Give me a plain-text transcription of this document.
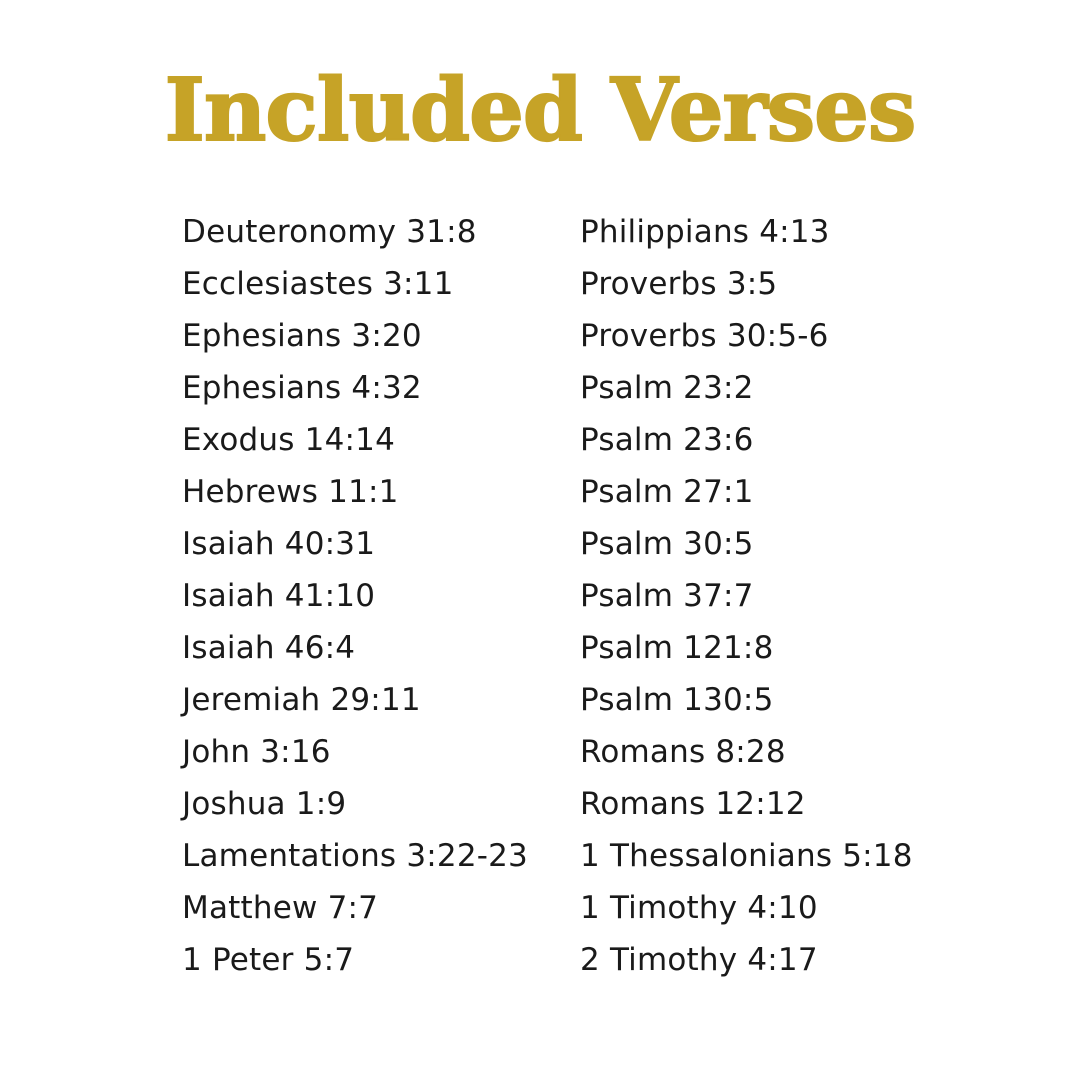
Included Verses
Deuteronomy 31:8
Ecclesiastes 3:11
Ephesians 3:20
Ephesians 4:32
Exodus 14:14
Hebrews 11:1
Isaiah 40:31
Isaiah 41:10
Isaiah 46:4
Jeremiah 29:11
John 3:16
Joshua 1:9
Lamentations 3:22-23
Matthew 7:7
1 Peter 5:7
Philippians 4:13
Proverbs 3:5
Proverbs 30:5-6
Psalm 23:2
Psalm 23:6
Psalm 27:1
Psalm 30:5
Psalm 37:7
Psalm 121:8
Psalm 130:5
Romans 8:28
Romans 12:12
1 Thessalonians 5:18
1 Timothy 4:10
2 Timothy 4:17
